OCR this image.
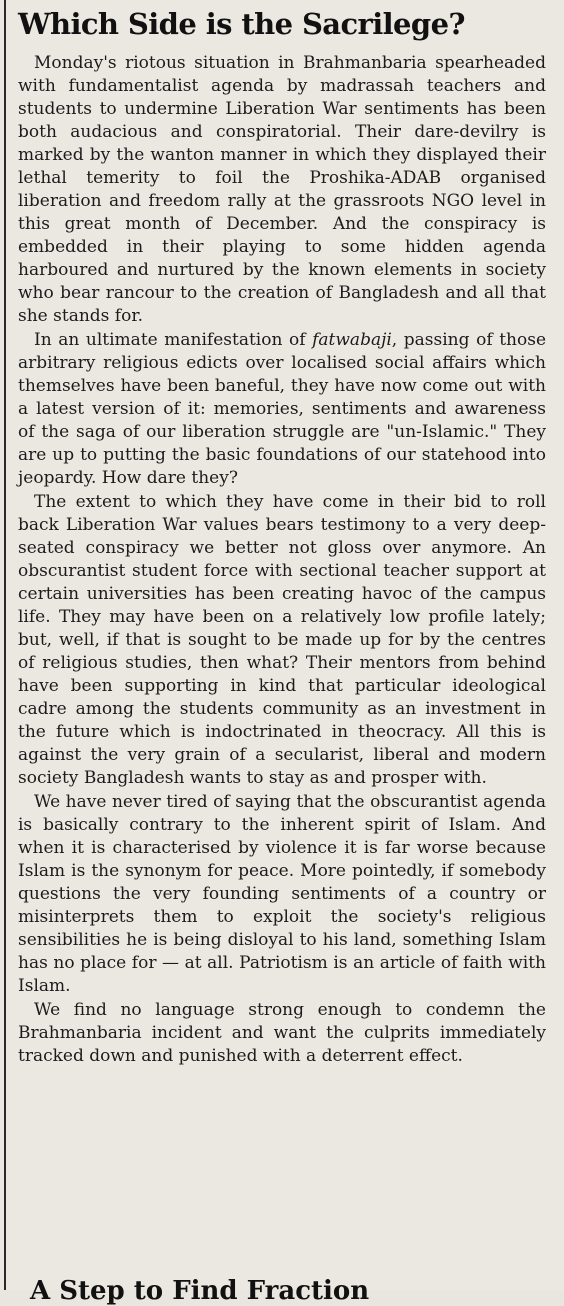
Which Side is the Sacrilege?

Monday's riotous situation in Brahmanbaria spearheaded with fundamentalist agenda by madrassah teachers and students to undermine Liberation War sentiments has been both audacious and conspiratorial. Their dare-devilry is marked by the wanton manner in which they displayed their lethal temerity to foil the Proshika-ADAB organised liberation and freedom rally at the grassroots NGO level in this great month of December. And the conspiracy is embedded in their playing to some hidden agenda harboured and nurtured by the known elements in society who bear rancour to the creation of Bangladesh and all that she stands for.

In an ultimate manifestation of fatwabaji, passing of those arbitrary religious edicts over localised social affairs which themselves have been baneful, they have now come out with a latest version of it: memories, sentiments and awareness of the saga of our liberation struggle are "un-Islamic." They are up to putting the basic foundations of our statehood into jeopardy. How dare they?

The extent to which they have come in their bid to roll back Liberation War values bears testimony to a very deep-seated conspiracy we better not gloss over anymore. An obscurantist student force with sectional teacher support at certain universities has been creating havoc of the campus life. They may have been on a relatively low profile lately; but, well, if that is sought to be made up for by the centres of religious studies, then what? Their mentors from behind have been supporting in kind that particular ideological cadre among the students community as an investment in the future which is indoctrinated in theocracy. All this is against the very grain of a secularist, liberal and modern society Bangladesh wants to stay as and prosper with.

We have never tired of saying that the obscurantist agenda is basically contrary to the inherent spirit of Islam. And when it is characterised by violence it is far worse because Islam is the synonym for peace. More pointedly, if somebody questions the very founding sentiments of a country or misinterprets them to exploit the society's religious sensibilities he is being disloyal to his land, something Islam has no place for — at all. Patriotism is an article of faith with Islam.

We find no language strong enough to condemn the Brahmanbaria incident and want the culprits immediately tracked down and punished with a deterrent effect.

A Step to Find Fraction
